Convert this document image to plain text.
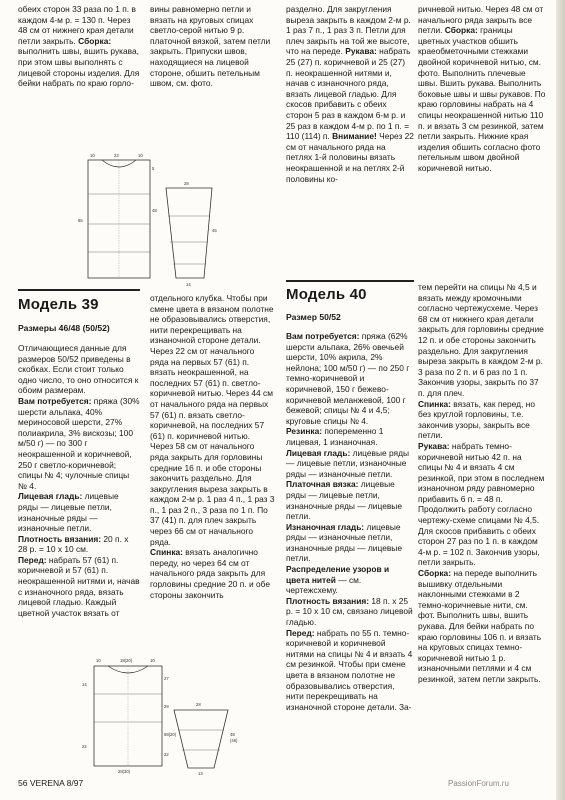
обеих сторон 33 раза по 1 п. в каждом 4-м р. = 130 п. Через 48 см от нижнего края детали петли закрыть. Сборка: выполнить швы, вшить рукава, при этом швы выполнять с лицевой стороны изделия. Для бейки набрать по краю горло-

вины равномерно петли и вязать на круговых спицах светло-серой нитью 9 р. платочной вязкой, затем петли закрыть. Припуски швов, находящиеся на лицевой стороне, обшить петельным швом, см. фото.

разделно. Для закругления выреза закрыть в каждом 2-м р. 1 раз 7 п., 1 раз 3 п. Петли для плеч закрыть на той же высоте, что на переде. Рукава: набрать 25 (27) п. коричневой и 25 (27) п. неокрашенной нитями и, начав с изнаночного ряда, вязать лицевой гладью. Для скосов прибавить с обеих сторон 5 раз в каждом 6-м р. и 25 раз в каждом 4-м р. по 1 п. = 110 (114) п. Внимание! Через 22 см от начального ряда на петлях 1-й половины вязать неокрашенной и на петлях 2-й половины ко-

ричневой нитью. Через 48 см от начального ряда закрыть все петли. Сборка: границы цветных участков обшить краеобметочными стежками двойной коричневой нитью, см. фото. Выполнить плечевые швы. Вшить рукава. Выполнить боковые швы и швы рукавов. По краю горловины набрать на 4 спицы неокрашенной нитью 110 п. и вязать 3 см резинкой, затем петли закрыть. Нижние края изделия обшить согласно фото петельным швом двойной коричневой нитью.

10	23	10
5
48
65
28
45
14
Модель 39
Размеры 46/48 (50/52)

Отличающиеся данные для размеров 50/52 приведены в скобках. Если стоит только одно число, то оно относится к обоим размерам.

Вам потребуется: пряжа (30% шерсти альпака, 40% мериносовой шерсти, 27% полиакрила, 3% вискозы; 100 м/50 г) — по 300 г неокрашенной и коричневой, 250 г светло-коричневой; спицы № 4; чулочные спицы № 4.

Лицевая гладь: лицевые ряды — лицевые петли, изнаночные ряды — изнаночные петли.

Плотность вязания: 20 п. х 28 р. = 10 х 10 см.

Перед: набрать 57 (61) п. коричневой и 57 (61) п. неокрашенной нитями и, начав с изнаночного ряда, вязать лицевой гладью. Каждый цветной участок вязать от

отдельного клубка. Чтобы при смене цвета в вязаном полотне не образовывались отверстия, нити перекрещивать на изнаночной стороне детали. Через 22 см от начального ряда на первых 57 (61) п. вязать неокрашенной, на последних 57 (61) п. светло-коричневой нитью. Через 44 см от начального ряда на первых 57 (61) п. вязать светло-коричневой, на последних 57 (61) п. коричневой нитью. Через 58 см от начального ряда закрыть для горловины средние 16 п. и обе стороны закончить раздельно. Для закругления выреза закрыть в каждом 2-м р. 1 раз 4 п., 1 раз 3 п., 1 раз 2 п., 3 раза по 1 п. По 37 (41) п. для плеч закрыть через 66 см от начального ряда.

Спинка: вязать аналогично переду, но через 64 см от начального ряда закрыть для горловины средние 20 п. и обе стороны закончить

10	18(20)	10
14
27
29
58(20)
22
22
28(30)
28
48
(46)
13
Модель 40
Размер 50/52

Вам потребуется: пряжа (62% шерсти альпака, 26% овечьей шерсти, 10% акрила, 2% нейлона; 100 м/50 г) — по 250 г темно-коричневой и коричневой, 150 г бежево-коричневой меланжевой, 100 г бежевой; спицы № 4 и 4,5; круговые спицы № 4.

Резинка: попеременно 1 лицевая, 1 изнаночная.

Лицевая гладь: лицевые ряды — лицевые петли, изнаночные ряды — изнаночные петли.

Платочная вязка: лицевые ряды — лицевые петли, изнаночные ряды — лицевые петли.

Изнаночная гладь: лицевые ряды — изнаночные петли, изнаночные ряды — лицевые петли.

Распределение узоров и цвета нитей — см. чертежсхему.

Плотность вязания: 18 п. х 25 р. = 10 х 10 см, связано лицевой гладью.

Перед: набрать по 55 п. темно-коричневой и коричневой нитями на спицы № 4 и вязать 4 см резинкой. Чтобы при смене цвета в вязаном полотне не образовывались отверстия, нити перекрещивать на изнаночной стороне детали. За-

тем перейти на спицы № 4,5 и вязать между кромочными согласно чертежусхеме. Через 68 см от нижнего края детали закрыть для горловины средние 12 п. и обе стороны закончить раздельно. Для закругления выреза закрыть в каждом 2-м р. 3 раза по 2 п. и 6 раз по 1 п. Закончив узоры, закрыть по 37 п. для плеч.

Спинка: вязать, как перед, но без круглой горловины, т.е. закончив узоры, закрыть все петли.

Рукава: набрать темно-коричневой нитью 42 п. на спицы № 4 и вязать 4 см резинкой, при этом в последнем изнаночном ряду равномерно прибавить 6 п. = 48 п. Продолжить работу согласно чертежу-схеме спицами № 4,5. Для скосов прибавить с обеих сторон 27 раз по 1 п. в каждом 4-м р. = 102 п. Закончив узоры, петли закрыть.

Сборка: на переде выполнить вышивку отдельными наклонными стежками в 2 темно-коричневые нити, см. фот. Выполнить швы, вшить рукава. Для бейки набрать по краю горловины 106 п. и вязать на круговых спицах темно-коричневой нитью 1 р. изнаночными петлями и 4 см резинкой, затем петли закрыть.

56 VERENA 8/97	PassionForum.ru
